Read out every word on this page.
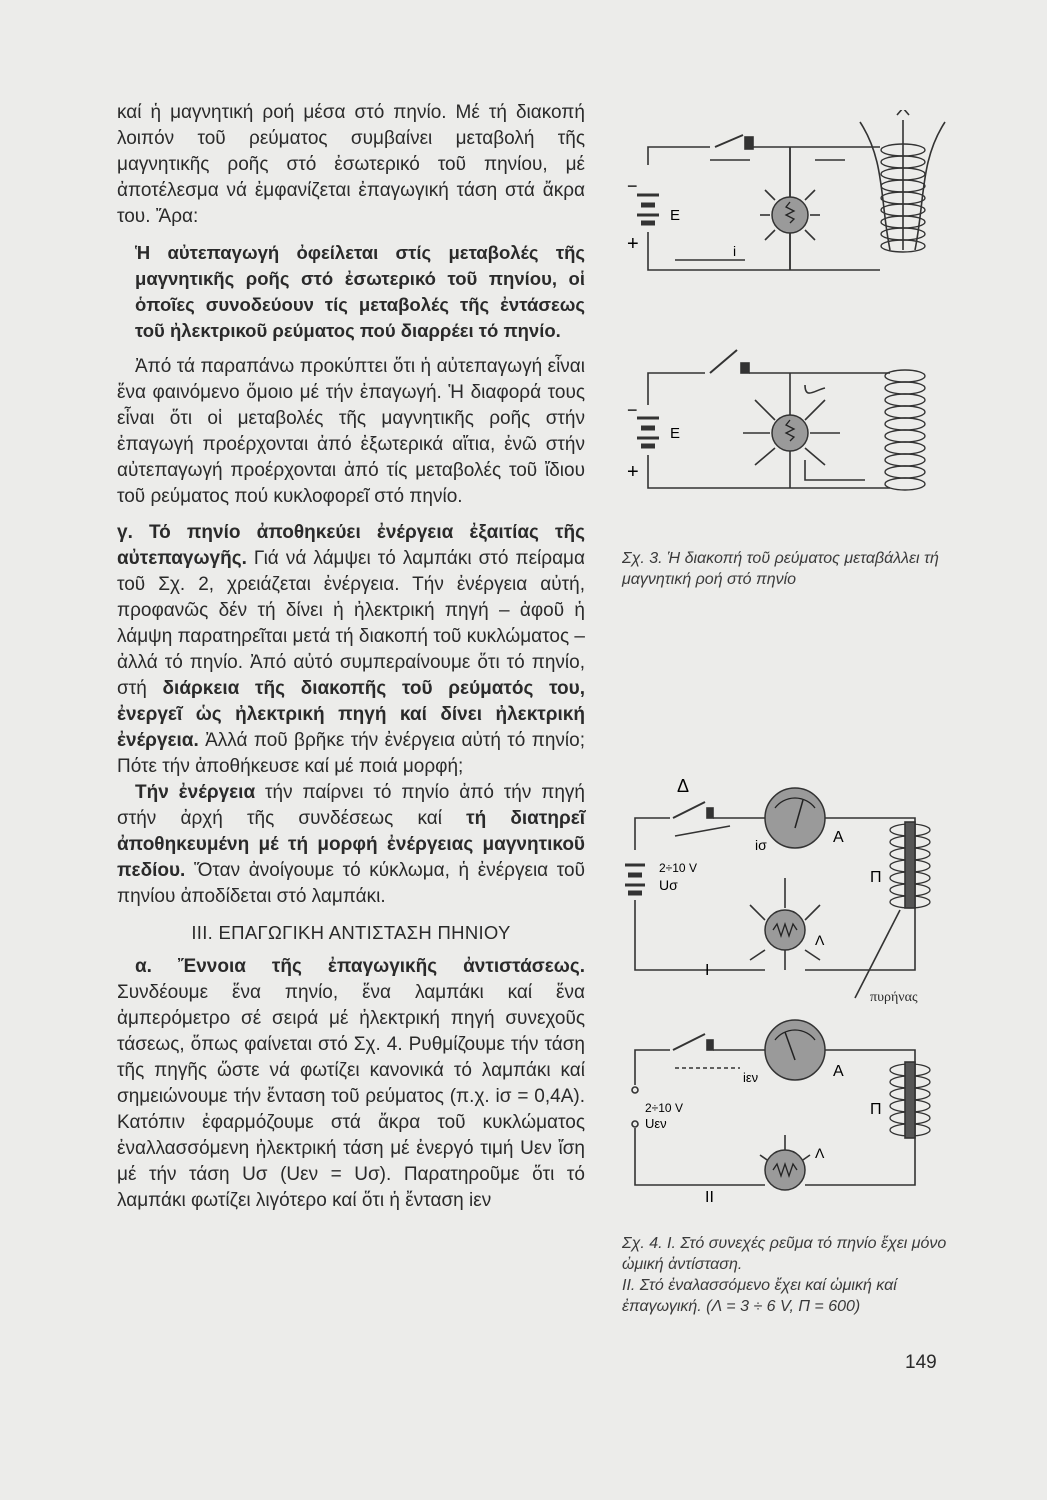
καί ἡ μαγνητική ροή μέσα στό πηνίο. Μέ τή διακοπή λοιπόν τοῦ ρεύματος συμβαίνει μεταβολή τῆς μαγνητικῆς ροῆς στό ἐσωτερικό τοῦ πηνίου, μέ ἀποτέλεσμα νά ἐμφανίζεται ἐπαγωγική τάση στά ἄκρα του. Ἄρα:

Ἡ αὐτεπαγωγή ὀφείλεται στίς μεταβολές τῆς μαγνητικῆς ροῆς στό ἐσωτερικό τοῦ πηνίου, οἱ ὁποῖες συνοδεύουν τίς μεταβολές τῆς ἐντάσεως τοῦ ἠλεκτρικοῦ ρεύματος πού διαρρέει τό πηνίο.

Ἀπό τά παραπάνω προκύπτει ὅτι ἡ αὐτεπαγωγή εἶναι ἕνα φαινόμενο ὅμοιο μέ τήν ἐπαγωγή. Ἡ διαφορά τους εἶναι ὅτι οἱ μεταβολές τῆς μαγνητικῆς ροῆς στήν ἐπαγωγή προέρχονται ἀπό ἐξωτερικά αἴτια, ἐνῶ στήν αὐτεπαγωγή προέρχονται ἀπό τίς μεταβολές τοῦ ἴδιου τοῦ ρεύματος πού κυκλοφορεῖ στό πηνίο.

γ. Τό πηνίο ἀποθηκεύει ἐνέργεια ἐξαιτίας τῆς αὐτεπαγωγῆς. Γιά νά λάμψει τό λαμπάκι στό πείραμα τοῦ Σχ. 2, χρειάζεται ἐνέργεια. Τήν ἐνέργεια αὐτή, προφανῶς δέν τή δίνει ἡ ἠλεκτρική πηγή – ἀφοῦ ἡ λάμψη παρατηρεῖται μετά τή διακοπή τοῦ κυκλώματος – ἀλλά τό πηνίο. Ἀπό αὐτό συμπεραίνουμε ὅτι τό πηνίο, στή διάρκεια τῆς διακοπῆς τοῦ ρεύματός του, ἐνεργεῖ ὡς ἠλεκτρική πηγή καί δίνει ἠλεκτρική ἐνέργεια. Ἀλλά ποῦ βρῆκε τήν ἐνέργεια αὐτή τό πηνίο; Πότε τήν ἀποθήκευσε καί μέ ποιά μορφή;

Τήν ἐνέργεια τήν παίρνει τό πηνίο ἀπό τήν πηγή στήν ἀρχή τῆς συνδέσεως καί τή διατηρεῖ ἀποθηκευμένη μέ τή μορφή ἐνέργειας μαγνητικοῦ πεδίου. Ὅταν ἀνοίγουμε τό κύκλωμα, ἡ ἐνέργεια τοῦ πηνίου ἀποδίδεται στό λαμπάκι.

III. ΕΠΑΓΩΓΙΚΗ ΑΝΤΙΣΤΑΣΗ ΠΗΝΙΟΥ

α. Ἔννοια τῆς ἐπαγωγικῆς ἀντιστάσεως. Συνδέουμε ἕνα πηνίο, ἕνα λαμπάκι καί ἕνα ἀμπερόμετρο σέ σειρά μέ ἠλεκτρική πηγή συνεχοῦς τάσεως, ὅπως φαίνεται στό Σχ. 4. Ρυθμίζουμε τήν τάση τῆς πηγῆς ὥστε νά φωτίζει κανονικά τό λαμπάκι καί σημειώνουμε τήν ἔνταση τοῦ ρεύματος (π.χ. iσ = 0,4A). Κατόπιν ἐφαρμόζουμε στά ἄκρα τοῦ κυκλώματος ἐναλλασσόμενη ἠλεκτρική τάση μέ ἐνεργό τιμή Uεν ἴση μέ τήν τάση Uσ (Uεν = Uσ). Παρατηροῦμε ὅτι τό λαμπάκι φωτίζει λιγότερο καί ὅτι ἡ ἔνταση iεν

−
+
E
i
−
+
E
Σχ. 3. Ἡ διακοπή τοῦ ρεύματος μεταβάλλει τή μαγνητική ροή στό πηνίο
Δ
A
iσ
2÷10 V
Uσ	Π
Λ
I
πυρήνας
A
iεν
2÷10 V
Uεν
Π
Λ
II
Σχ. 4. I. Στό συνεχές ρεῦμα τό πηνίο ἔχει μόνο ὠμική ἀντίσταση.
II. Στό ἐναλασσόμενο ἔχει καί ὠμική καί ἐπαγωγική. (Λ = 3 ÷ 6 V, Π = 600)
149
